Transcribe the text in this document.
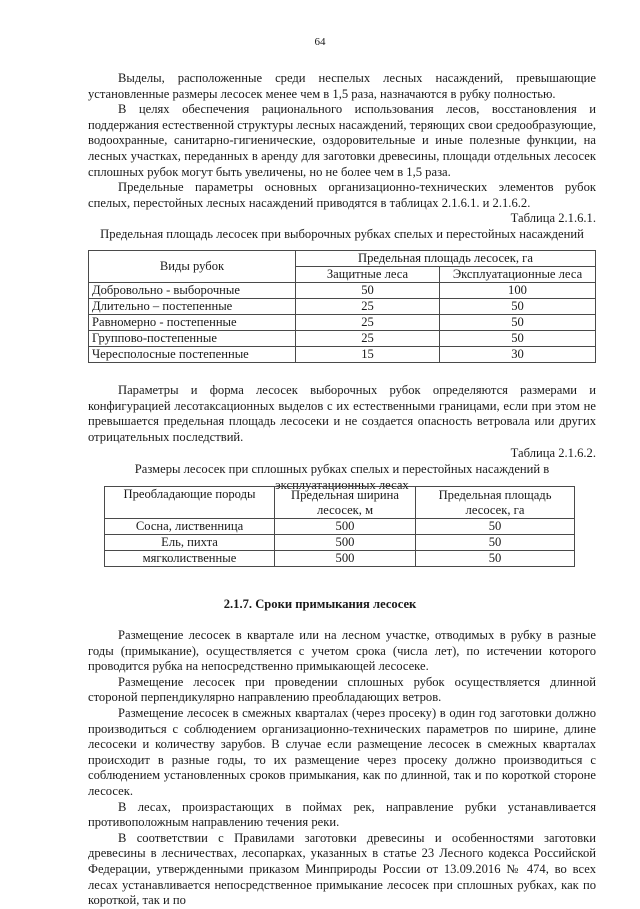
64

Выделы, расположенные среди неспелых лесных насаждений, превышающие установленные размеры лесосек менее чем в 1,5 раза, назначаются в рубку полностью.

В целях обеспечения рационального использования лесов, восстановления и поддержания естественной структуры лесных насаждений, теряющих свои средообразующие, водоохранные, санитарно-гигиенические, оздоровительные и иные полезные функции, на лесных участках, переданных в аренду для заготовки древесины, площади отдельных лесосек сплошных рубок могут быть увеличены, но не более чем в 1,5 раза.

Предельные параметры основных организационно-технических элементов рубок спелых, перестойных лесных насаждений приводятся в таблицах 2.1.6.1. и 2.1.6.2.

Таблица 2.1.6.1.

Предельная площадь лесосек при выборочных рубках спелых и перестойных насаждений

Виды рубок	Предельная площадь лесосек, га	
	Защитные леса	Эксплуатационные леса
Добровольно - выборочные	50	100
Длительно – постепенные	25	50
Равномерно - постепенные	25	50
Группово-постепенные	25	50
Чересполосные постепенные	15	30

Параметры и форма лесосек выборочных рубок определяются размерами и конфигурацией лесотаксационных выделов с их естественными границами, если при этом не превышается предельная площадь лесосеки и не создается опасность ветровала или других отрицательных последствий.

Таблица 2.1.6.2.

Размеры лесосек при сплошных рубках спелых и перестойных насаждений в эксплуатационных лесах

Преобладающие породы	Предельная ширина лесосек, м	Предельная площадь лесосек, га
Сосна, лиственница	500	50
Ель, пихта	500	50
мягколиственные	500	50
2.1.7. Сроки примыкания лесосек

Размещение лесосек в квартале или на лесном участке, отводимых в рубку в разные годы (примыкание), осуществляется с учетом срока (числа лет), по истечении которого проводится рубка на непосредственно примыкающей лесосеке.

Размещение лесосек при проведении сплошных рубок осуществляется длинной стороной перпендикулярно направлению преобладающих ветров.

Размещение лесосек в смежных кварталах (через просеку) в один год заготовки должно производиться с соблюдением организационно-технических параметров по ширине, длине лесосеки и количеству зарубов. В случае если размещение лесосек в смежных кварталах происходит в разные годы, то их размещение через просеку должно производиться с соблюдением установленных сроков примыкания, как по длинной, так и по короткой стороне лесосек.

В лесах, произрастающих в поймах рек, направление рубки устанавливается противоположным направлению течения реки.

В соответствии с Правилами заготовки древесины и особенностями заготовки древесины в лесничествах, лесопарках, указанных в статье 23 Лесного кодекса Российской Федерации, утвержденными приказом Минприроды России от 13.09.2016 № 474, во всех лесах устанавливается непосредственное примыкание лесосек при сплошных рубках, как по короткой, так и по
